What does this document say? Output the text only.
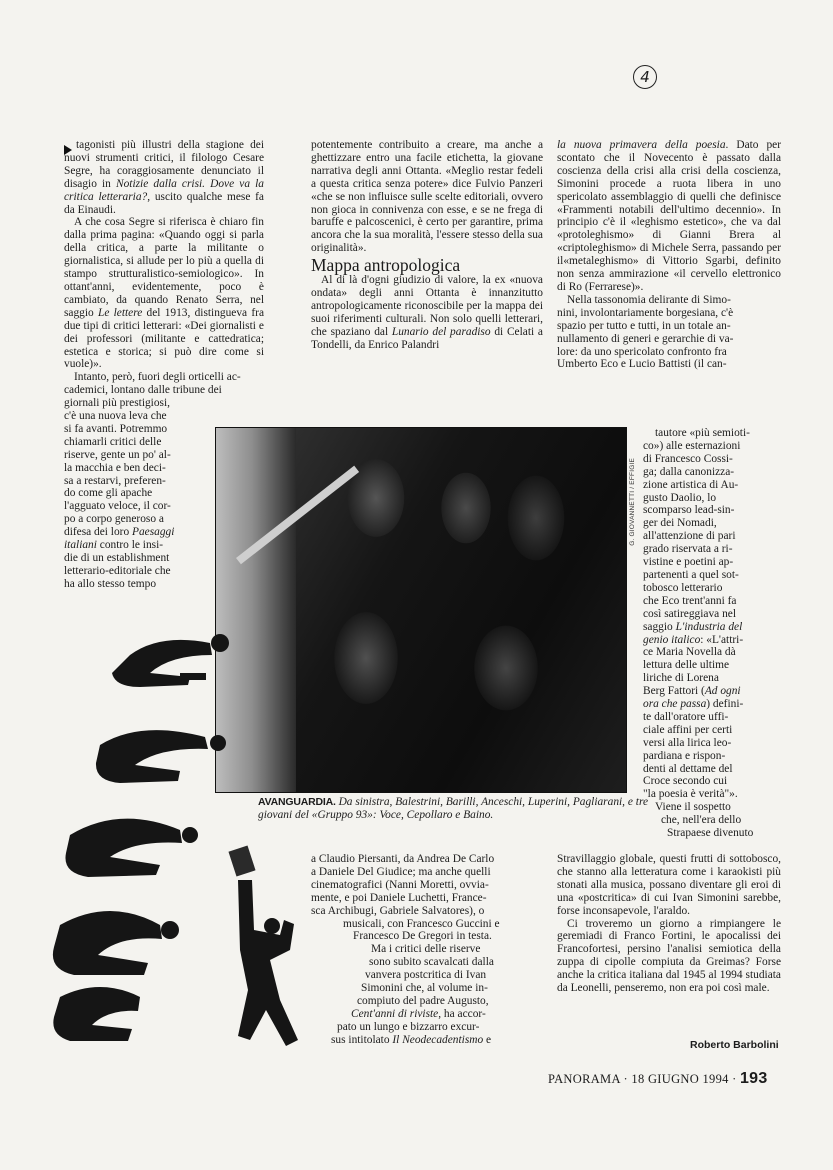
4

tagonisti più illustri della stagione dei nuovi strumenti critici, il filologo Cesare Segre, ha coraggiosamente denunciato il disagio in Notizie dalla crisi. Dove va la critica letteraria?, uscito qualche mese fa da Einaudi.

A che cosa Segre si riferisca è chiaro fin dalla prima pagina: «Quando oggi si parla della critica, a parte la militante o giornalistica, si allude per lo più a quella di stampo strutturalistico-semiologico». In ottant'anni, evidentemente, poco è cambiato, da quando Renato Serra, nel saggio Le lettere del 1913, distingueva fra due tipi di critici letterari: «Dei giornalisti e dei professori (militante e cattedratica; estetica e storica; si può dire come si vuole)».

Intanto, però, fuori degli orticelli ac-
cademici, lontano dalle tribune dei
giornali più prestigiosi,
c'è una nuova leva che
si fa avanti. Potremmo
chiamarli critici delle
riserve, gente un po' al-
la macchia e ben deci-
sa a restarvi, preferen-
do come gli apache
l'agguato veloce, il cor-
po a corpo generoso a
difesa dei loro Paesaggi
italiani contro le insi-
die di un establishment
letterario-editoriale che
ha allo stesso tempo

potentemente contribuito a creare, ma anche a ghettizzare entro una facile etichetta, la giovane narrativa degli anni Ottanta. «Meglio restar fedeli a questa critica senza potere» dice Fulvio Panzeri «che se non influisce sulle scelte editoriali, ovvero non gioca in connivenza con esse, e se ne frega di baruffe e palcoscenici, è certo per garantire, prima ancora che la sua moralità, l'essere stesso della sua originalità».

Mappa antropologica

Al di là d'ogni giudizio di valore, la ex «nuova ondata» degli anni Ottanta è innanzitutto antropologicamente riconoscibile per la mappa dei suoi riferimenti culturali. Non solo quelli letterari, che spaziano dal Lunario del paradiso di Celati a Tondelli, da Enrico Palandri

la nuova primavera della poesia. Dato per scontato che il Novecento è passato dalla coscienza della crisi alla crisi della coscienza, Simonini procede a ruota libera in uno spericolato assemblaggio di quelli che definisce «Frammenti notabili dell'ultimo decennio». In principio c'è il «leghismo estetico», che va dal «protoleghismo» di Gianni Brera al «criptoleghismo» di Michele Serra, passando per il«metaleghismo» di Vittorio Sgarbi, definito non senza ammirazione «il cervello elettronico di Ro (Ferrarese)».

Nella tassonomia delirante di Simo-
nini, involontariamente borgesiana, c'è
spazio per tutto e tutti, in un totale an-
nullamento di generi e gerarchie di va-
lore: da uno spericolato confronto fra
Umberto Eco e Lucio Battisti (il can-
tautore «più semioti-
co») alle esternazioni
di Francesco Cossi-
ga; dalla canonizza-
zione artistica di Au-
gusto Daolio, lo
scomparso lead-sin-
ger dei Nomadi,
all'attenzione di pari
grado riservata a ri-
vistine e poetini ap-
partenenti a quel sot-
tobosco letterario
che Eco trent'anni fa
così satireggiava nel
saggio L'industria del
genio italico: «L'attri-
ce Maria Novella dà
lettura delle ultime
liriche di Lorena
Berg Fattori (Ad ogni
ora che passa) defini-
te dall'oratore uffi-
ciale affini per certi
versi alla lirica leo-
pardiana e rispon-
denti al dettame del
Croce secondo cui
"la poesia è verità"».
Viene il sospetto
che, nell'era dello
Strapaese divenuto
G. GIOVANNETTI / EFFIGIE
AVANGUARDIA. Da sinistra, Balestrini, Barilli, Anceschi, Luperini, Pagliarani, e tre giovani del «Gruppo 93»: Voce, Cepollaro e Baino.
a Claudio Piersanti, da Andrea De Carlo
a Daniele Del Giudice; ma anche quelli
cinematografici (Nanni Moretti, ovvia-
mente, e poi Daniele Luchetti, France-
sca Archibugi, Gabriele Salvatores), o
musicali, con Francesco Guccini e
Francesco De Gregori in testa.
Ma i critici delle riserve
sono subito scavalcati dalla
vanvera postcritica di Ivan
Simonini che, al volume in-
compiuto del padre Augusto,
Cent'anni di riviste, ha accor-
pato un lungo e bizzarro excur-
sus intitolato Il Neodecadentismo e

Stravillaggio globale, questi frutti di sottobosco, che stanno alla letteratura come i karaokisti più stonati alla musica, possano diventare gli eroi di una «postcritica» di cui Ivan Simonini sarebbe, forse inconsapevole, l'araldo.

Ci troveremo un giorno a rimpiangere le geremiadi di Franco Fortini, le apocalissi dei Francofortesi, persino l'analisi semiotica della zuppa di cipolle compiuta da Greimas? Forse anche la critica italiana dal 1945 al 1994 studiata da Leonelli, penseremo, non era poi così male.

Roberto Barbolini
PANORAMA · 18 GIUGNO 1994 · 193
